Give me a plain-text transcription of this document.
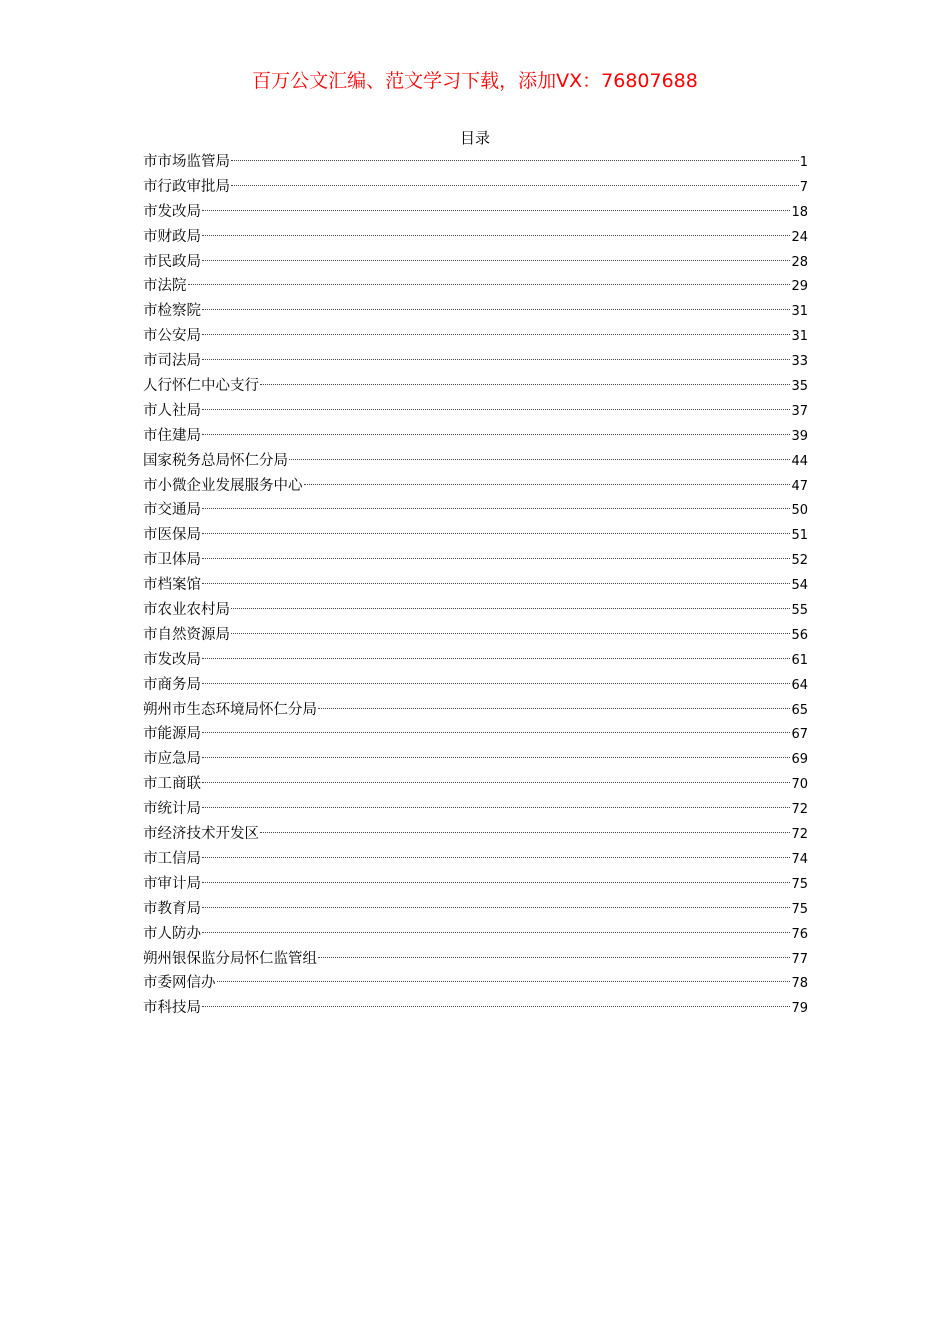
百万公文汇编、范文学习下载，添加VX：76807688
目录
市市场监管局	1
市行政审批局	7
市发改局	18
市财政局	24
市民政局	28
市法院	29
市检察院	31
市公安局	31
市司法局	33
人行怀仁中心支行	35
市人社局	37
市住建局	39
国家税务总局怀仁分局	44
市小微企业发展服务中心	47
市交通局	50
市医保局	51
市卫体局	52
市档案馆	54
市农业农村局	55
市自然资源局	56
市发改局	61
市商务局	64
朔州市生态环境局怀仁分局	65
市能源局	67
市应急局	69
市工商联	70
市统计局	72
市经济技术开发区	72
市工信局	74
市审计局	75
市教育局	75
市人防办	76
朔州银保监分局怀仁监管组	77
市委网信办	78
市科技局	79
